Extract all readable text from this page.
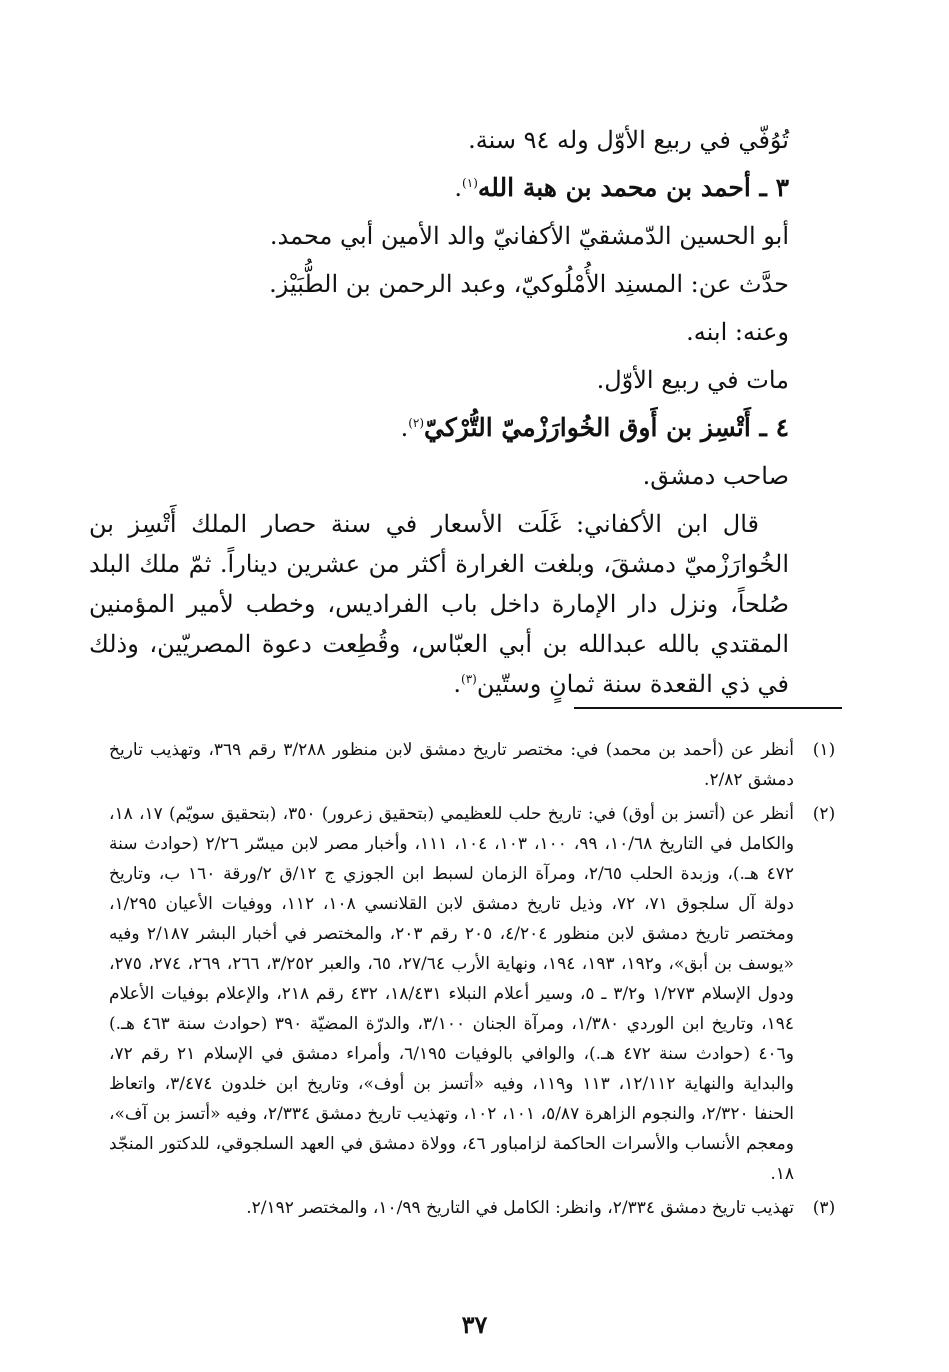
تُوُفّي في ربيع الأوّل وله ٩٤ سنة.

٣ ـ أحمد بن محمد بن هبة الله$^{(١)}$.

أبو الحسين الدّمشقيّ الأكفانيّ والد الأمين أبي محمد.

حدَّث عن: المسنِد الأُمْلُوكيّ، وعبد الرحمن بن الطُّبَيْز.

وعنه: ابنه.

مات في ربيع الأوّل.

٤ ـ أَتْسِز بن أَوق الخُوارَزْميّ التُّرْكيّ$^{(٢)}$.

صاحب دمشق.

قال ابن الأكفاني: غَلَت الأسعار في سنة حصار الملك أَتْسِز بن الخُوارَزْميّ دمشقَ، وبلغت الغرارة أكثر من عشرين ديناراً. ثمّ ملك البلد صُلحاً، ونزل دار الإمارة داخل باب الفراديس، وخطب لأمير المؤمنين المقتدي بالله عبدالله بن أبي العبّاس، وقُطِعت دعوة المصريّين، وذلك في ذي القعدة سنة ثمانٍ وستّين$^{(٣)}$.

(١)
أنظر عن (أحمد بن محمد) في: مختصر تاريخ دمشق لابن منظور ٣/٢٨٨ رقم ٣٦٩، وتهذيب تاريخ دمشق ٢/٨٢.
(٢)
أنظر عن (أتسز بن أوق) في: تاريخ حلب للعظيمي (بتحقيق زعرور) ٣٥٠، (بتحقيق سويّم) ١٧، ١٨، والكامل في التاريخ ١٠/٦٨، ٩٩، ١٠٠، ١٠٣، ١٠٤، ١١١، وأخبار مصر لابن ميسّر ٢/٢٦ (حوادث سنة ٤٧٢ هـ.)، وزبدة الحلب ٢/٦٥، ومرآة الزمان لسبط ابن الجوزي ج ١٢/ق ٢/ورقة ١٦٠ ب، وتاريخ دولة آل سلجوق ٧١، ٧٢، وذيل تاريخ دمشق لابن القلانسي ١٠٨، ١١٢، ووفيات الأعيان ١/٢٩٥، ومختصر تاريخ دمشق لابن منظور ٤/٢٠٤، ٢٠٥ رقم ٢٠٣، والمختصر في أخبار البشر ٢/١٨٧ وفيه «يوسف بن أبق»، و١٩٢، ١٩٣، ١٩٤، ونهاية الأرب ٢٧/٦٤، ٦٥، والعبر ٣/٢٥٢، ٢٦٦، ٢٦٩، ٢٧٤، ٢٧٥، ودول الإسلام ١/٢٧٣ و٣/٢ ـ ٥، وسير أعلام النبلاء ١٨/٤٣١، ٤٣٢ رقم ٢١٨، والإعلام بوفيات الأعلام ١٩٤، وتاريخ ابن الوردي ١/٣٨٠، ومرآة الجنان ٣/١٠٠، والدرّة المضيّة ٣٩٠ (حوادث سنة ٤٦٣ هـ.) و٤٠٦ (حوادث سنة ٤٧٢ هـ.)، والوافي بالوفيات ٦/١٩٥، وأمراء دمشق في الإسلام ٢١ رقم ٧٢، والبداية والنهاية ١٢/١١٢، ١١٣ و١١٩، وفيه «أتسز بن أوف»، وتاريخ ابن خلدون ٣/٤٧٤، واتعاظ الحنفا ٢/٣٢٠، والنجوم الزاهرة ٥/٨٧، ١٠١، ١٠٢، وتهذيب تاريخ دمشق ٢/٣٣٤، وفيه «أتسز بن آف»، ومعجم الأنساب والأسرات الحاكمة لزامباور ٤٦، وولاة دمشق في العهد السلجوقي، للدكتور المنجّد ١٨.
(٣)
تهذيب تاريخ دمشق ٢/٣٣٤، وانظر: الكامل في التاريخ ١٠/٩٩، والمختصر ٢/١٩٢.
٣٧
